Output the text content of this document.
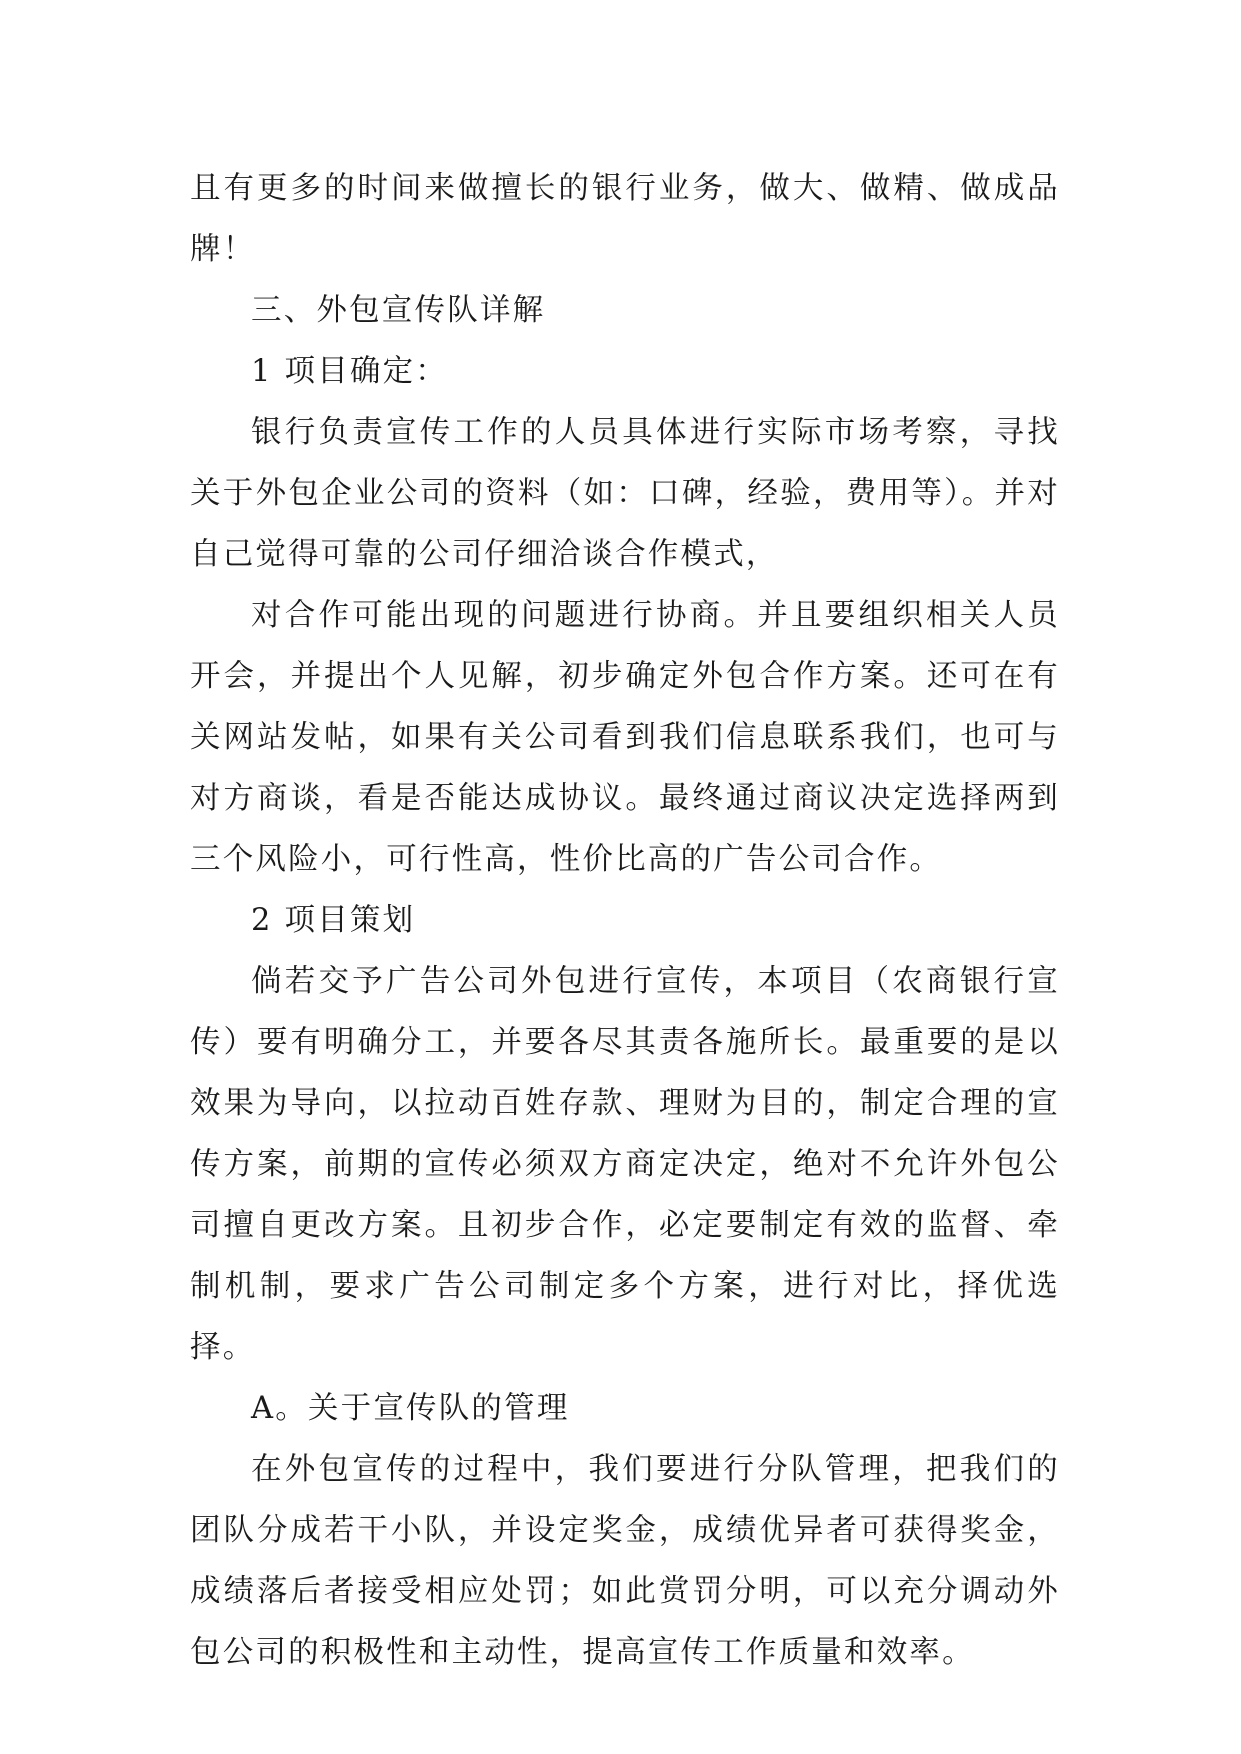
且有更多的时间来做擅长的银行业务，做大、做精、做成品牌！

三、外包宣传队详解

1 项目确定：

银行负责宣传工作的人员具体进行实际市场考察，寻找关于外包企业公司的资料（如：口碑，经验，费用等）。并对自己觉得可靠的公司仔细洽谈合作模式，

对合作可能出现的问题进行协商。并且要组织相关人员开会，并提出个人见解，初步确定外包合作方案。还可在有关网站发帖，如果有关公司看到我们信息联系我们，也可与对方商谈，看是否能达成协议。最终通过商议决定选择两到三个风险小，可行性高，性价比高的广告公司合作。

2 项目策划

倘若交予广告公司外包进行宣传，本项目（农商银行宣传）要有明确分工，并要各尽其责各施所长。最重要的是以效果为导向，以拉动百姓存款、理财为目的，制定合理的宣传方案，前期的宣传必须双方商定决定，绝对不允许外包公司擅自更改方案。且初步合作，必定要制定有效的监督、牵制机制，要求广告公司制定多个方案，进行对比，择优选择。

A。关于宣传队的管理

在外包宣传的过程中，我们要进行分队管理，把我们的团队分成若干小队，并设定奖金，成绩优异者可获得奖金，成绩落后者接受相应处罚；如此赏罚分明，可以充分调动外包公司的积极性和主动性，提高宣传工作质量和效率。
